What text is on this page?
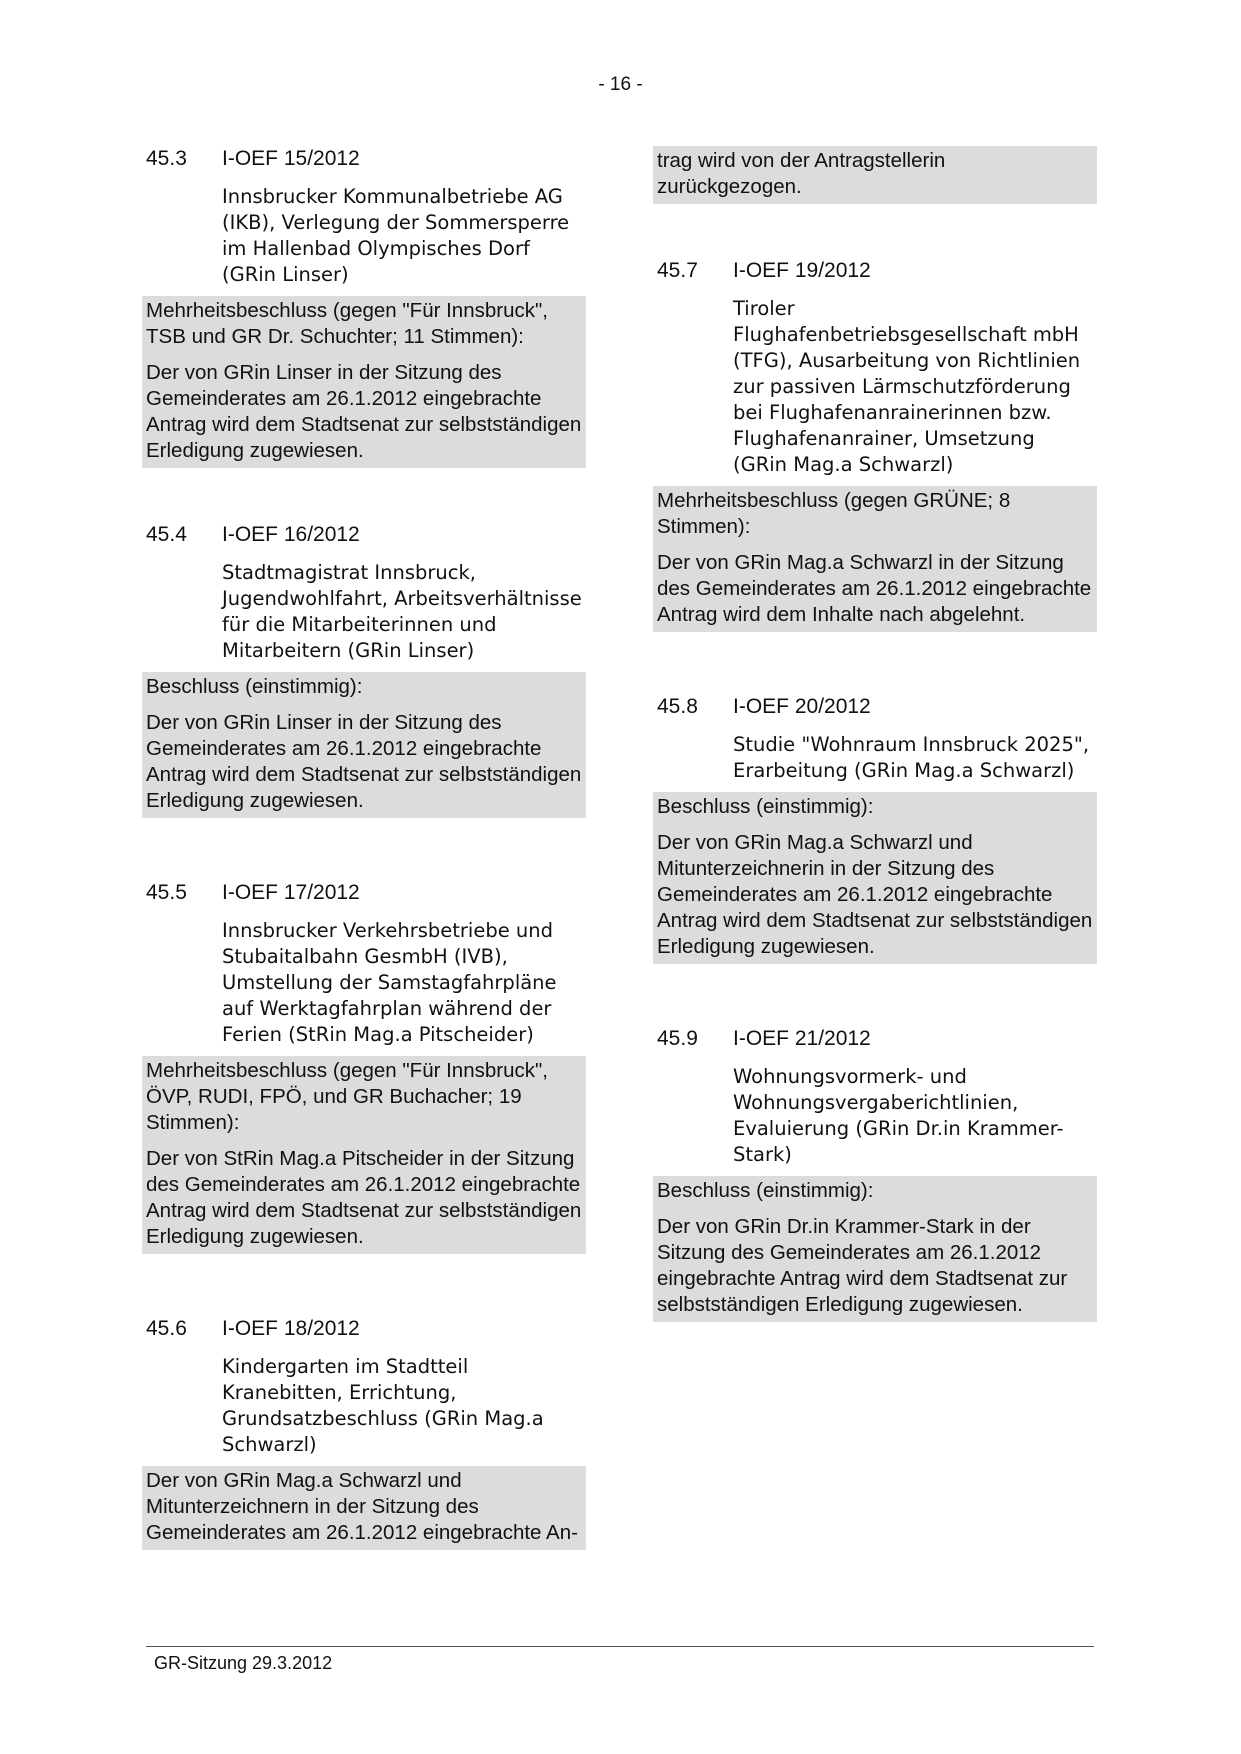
- 16 -
45.3	I-OEF 15/2012
Innsbrucker Kommunalbetriebe AG (IKB), Verlegung der Sommersperre im Hallenbad Olympisches Dorf (GRin Linser)

Mehrheitsbeschluss (gegen "Für Innsbruck", TSB und GR Dr. Schuchter; 11 Stimmen):

Der von GRin Linser in der Sitzung des Gemeinderates am 26.1.2012 eingebrachte Antrag wird dem Stadtsenat zur selbstständigen Erledigung zugewiesen.

45.4	I-OEF 16/2012
Stadtmagistrat Innsbruck, Jugendwohlfahrt, Arbeitsverhältnisse für die Mitarbeiterinnen und Mitarbeitern (GRin Linser)

Beschluss (einstimmig):

Der von GRin Linser in der Sitzung des Gemeinderates am 26.1.2012 eingebrachte Antrag wird dem Stadtsenat zur selbstständigen Erledigung zugewiesen.

45.5	I-OEF 17/2012
Innsbrucker Verkehrsbetriebe und Stubaitalbahn GesmbH (IVB), Umstellung der Samstagfahrpläne auf Werktagfahrplan während der Ferien (StRin Mag.a Pitscheider)

Mehrheitsbeschluss (gegen "Für Innsbruck", ÖVP, RUDI, FPÖ, und GR Buchacher; 19 Stimmen):

Der von StRin Mag.a Pitscheider in der Sitzung des Gemeinderates am 26.1.2012 eingebrachte Antrag wird dem Stadtsenat zur selbstständigen Erledigung zugewiesen.

45.6	I-OEF 18/2012
Kindergarten im Stadtteil Kranebitten, Errichtung, Grundsatzbeschluss (GRin Mag.a Schwarzl)

Der von GRin Mag.a Schwarzl und Mitunterzeichnern in der Sitzung des Gemeinderates am 26.1.2012 eingebrachte An-

trag wird von der Antragstellerin zurückgezogen.

45.7	I-OEF 19/2012
Tiroler Flughafenbetriebsgesellschaft mbH (TFG), Ausarbeitung von Richtlinien zur passiven Lärmschutzförderung bei Flughafenanrainerinnen bzw. Flughafenanrainer, Umsetzung (GRin Mag.a Schwarzl)

Mehrheitsbeschluss (gegen GRÜNE; 8 Stimmen):

Der von GRin Mag.a Schwarzl in der Sitzung des Gemeinderates am 26.1.2012 eingebrachte Antrag wird dem Inhalte nach abgelehnt.

45.8	I-OEF 20/2012
Studie "Wohnraum Innsbruck 2025", Erarbeitung (GRin Mag.a Schwarzl)

Beschluss (einstimmig):

Der von GRin Mag.a Schwarzl und Mitunterzeichnerin in der Sitzung des Gemeinderates am 26.1.2012 eingebrachte Antrag wird dem Stadtsenat zur selbstständigen Erledigung zugewiesen.

45.9	I-OEF 21/2012
Wohnungsvormerk- und Wohnungsvergaberichtlinien, Evaluierung (GRin Dr.in Krammer-Stark)

Beschluss (einstimmig):

Der von GRin Dr.in Krammer-Stark in der Sitzung des Gemeinderates am 26.1.2012 eingebrachte Antrag wird dem Stadtsenat zur selbstständigen Erledigung zugewiesen.

GR-Sitzung 29.3.2012
